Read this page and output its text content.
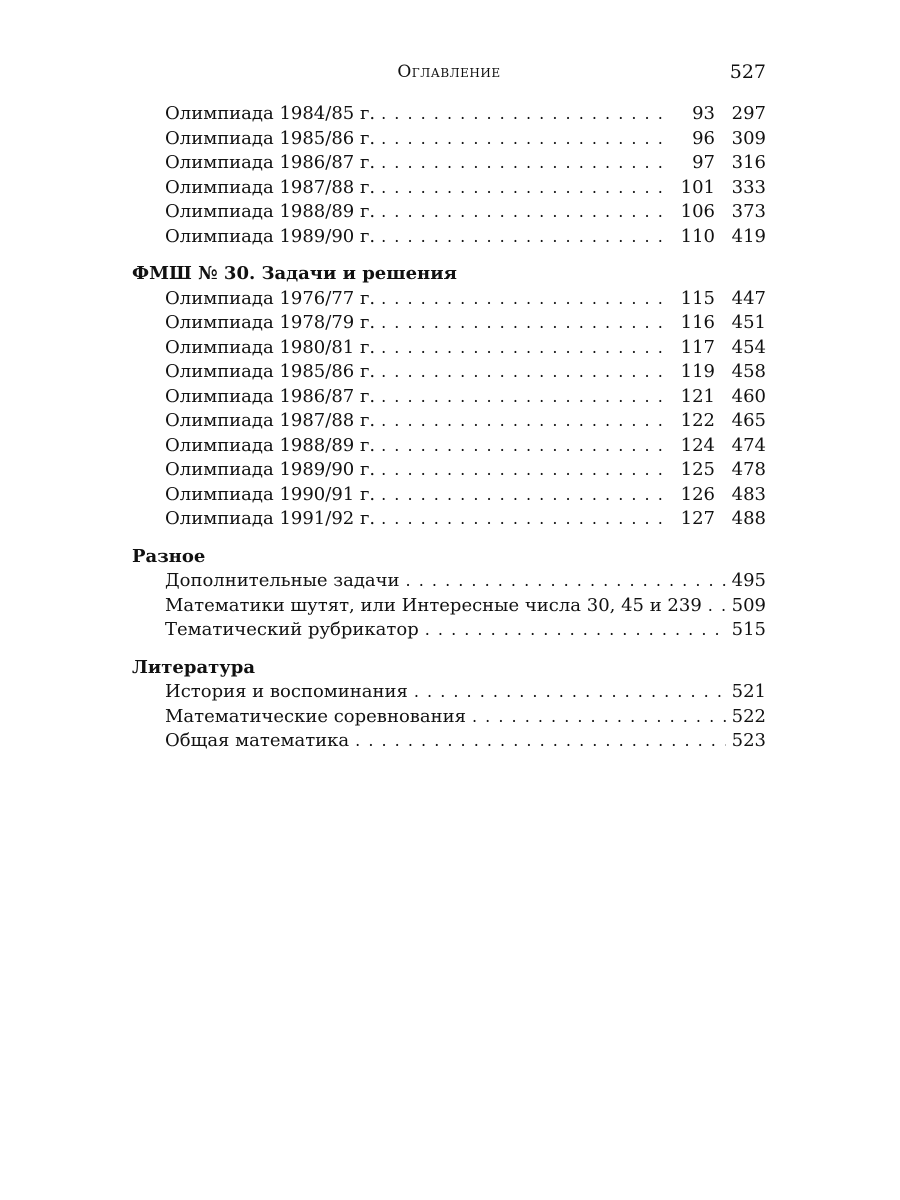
Оглавление	527
Олимпиада 1984/85 г. . . .	93 297
Олимпиада 1985/86 г. . . .	96 309
Олимпиада 1986/87 г. . . .	97 316
Олимпиада 1987/88 г. . . .	101 333
Олимпиада 1988/89 г. . . .	106 373
Олимпиада 1989/90 г. . . .	110 419
ФМШ № 30. Задачи и решения
Олимпиада 1976/77 г. . . .	115 447
Олимпиада 1978/79 г. . . .	116 451
Олимпиада 1980/81 г. . . .	117 454
Олимпиада 1985/86 г. . . .	119 458
Олимпиада 1986/87 г. . . .	121 460
Олимпиада 1987/88 г. . . .	122 465
Олимпиада 1988/89 г. . . .	124 474
Олимпиада 1989/90 г. . . .	125 478
Олимпиада 1990/91 г. . . .	126 483
Олимпиада 1991/92 г. . . .	127 488
Разное
Дополнительные задачи . . .	495
Математики шутят, или Интересные числа 30, 45 и 239 . . .	509
Тематический рубрикатор . . .	515
Литература
История и воспоминания . . .	521
Математические соревнования . . .	522
Общая математика . . .	523
